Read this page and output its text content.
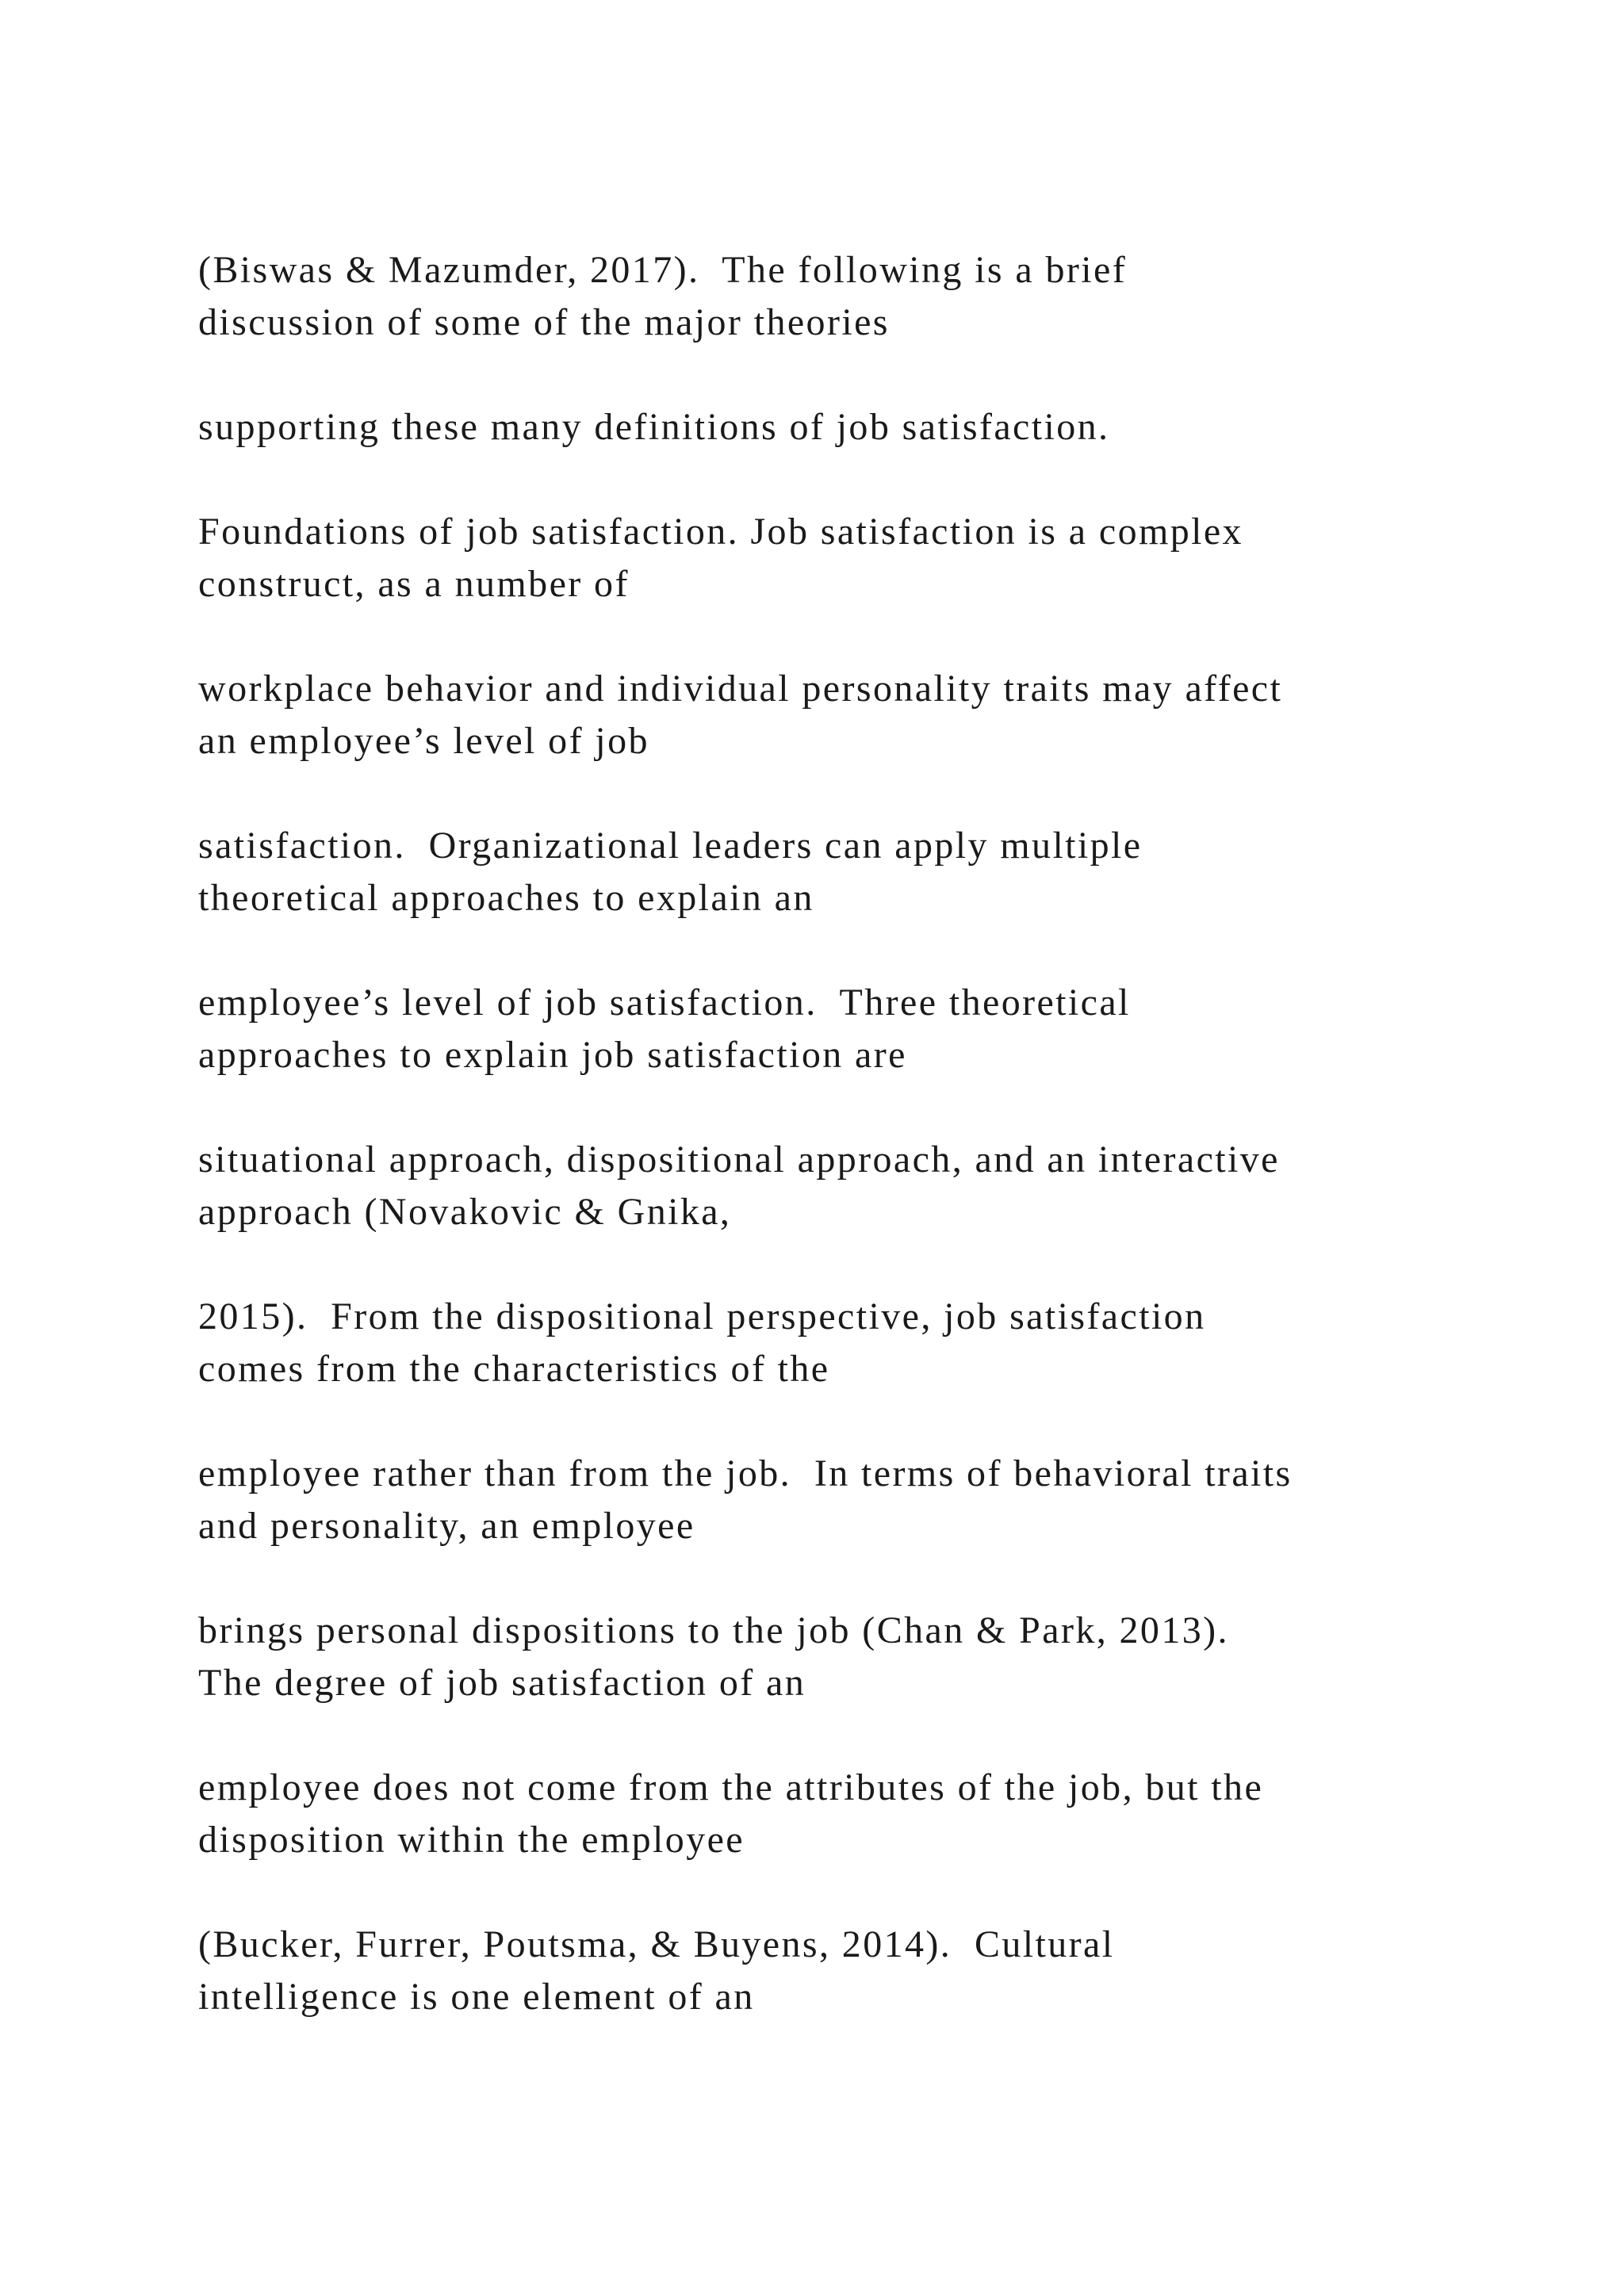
(Biswas & Mazumder, 2017).  The following is a brief
discussion of some of the major theories

supporting these many definitions of job satisfaction.

Foundations of job satisfaction. Job satisfaction is a complex
construct, as a number of

workplace behavior and individual personality traits may affect
an employee’s level of job

satisfaction.  Organizational leaders can apply multiple
theoretical approaches to explain an

employee’s level of job satisfaction.  Three theoretical
approaches to explain job satisfaction are

situational approach, dispositional approach, and an interactive
approach (Novakovic & Gnika,

2015).  From the dispositional perspective, job satisfaction
comes from the characteristics of the

employee rather than from the job.  In terms of behavioral traits
and personality, an employee

brings personal dispositions to the job (Chan & Park, 2013).
The degree of job satisfaction of an

employee does not come from the attributes of the job, but the
disposition within the employee

(Bucker, Furrer, Poutsma, & Buyens, 2014).  Cultural
intelligence is one element of an
